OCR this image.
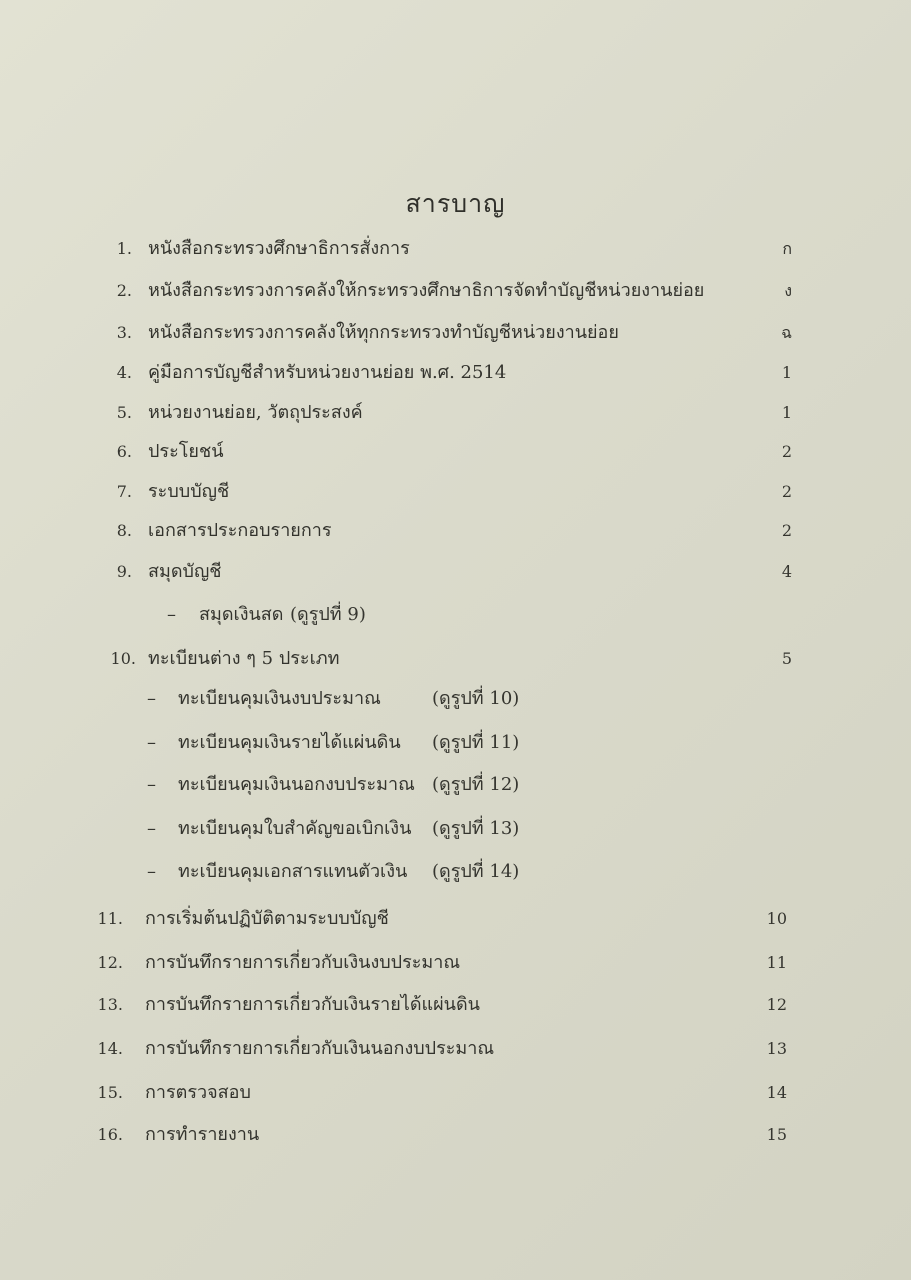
สารบาญ
1. หนังสือกระทรวงศึกษาธิการสั่งการ	ก
2. หนังสือกระทรวงการคลังให้กระทรวงศึกษาธิการจัดทำบัญชีหน่วยงานย่อย	ง
3. หนังสือกระทรวงการคลังให้ทุกกระทรวงทำบัญชีหน่วยงานย่อย	ฉ
4. คู่มือการบัญชีสำหรับหน่วยงานย่อย พ.ศ. 2514	1
5. หน่วยงานย่อย, วัตถุประสงค์	1
6. ประโยชน์	2
7. ระบบบัญชี	2
8. เอกสารประกอบรายการ	2
9. สมุดบัญชี	4
– สมุดเงินสด (ดูรูปที่ 9)
10. ทะเบียนต่าง ๆ 5 ประเภท	5
– ทะเบียนคุมเงินงบประมาณ	(ดูรูปที่ 10)
– ทะเบียนคุมเงินรายได้แผ่นดิน (ดูรูปที่ 11)
– ทะเบียนคุมเงินนอกงบประมาณ (ดูรูปที่ 12)
– ทะเบียนคุมใบสำคัญขอเบิกเงิน (ดูรูปที่ 13)
– ทะเบียนคุมเอกสารแทนตัวเงิน (ดูรูปที่ 14)
11. การเริ่มต้นปฏิบัติตามระบบบัญชี	10
12. การบันทึกรายการเกี่ยวกับเงินงบประมาณ	11
13. การบันทึกรายการเกี่ยวกับเงินรายได้แผ่นดิน	12
14. การบันทึกรายการเกี่ยวกับเงินนอกงบประมาณ	13
15. การตรวจสอบ	14
16. การทำรายงาน	15
